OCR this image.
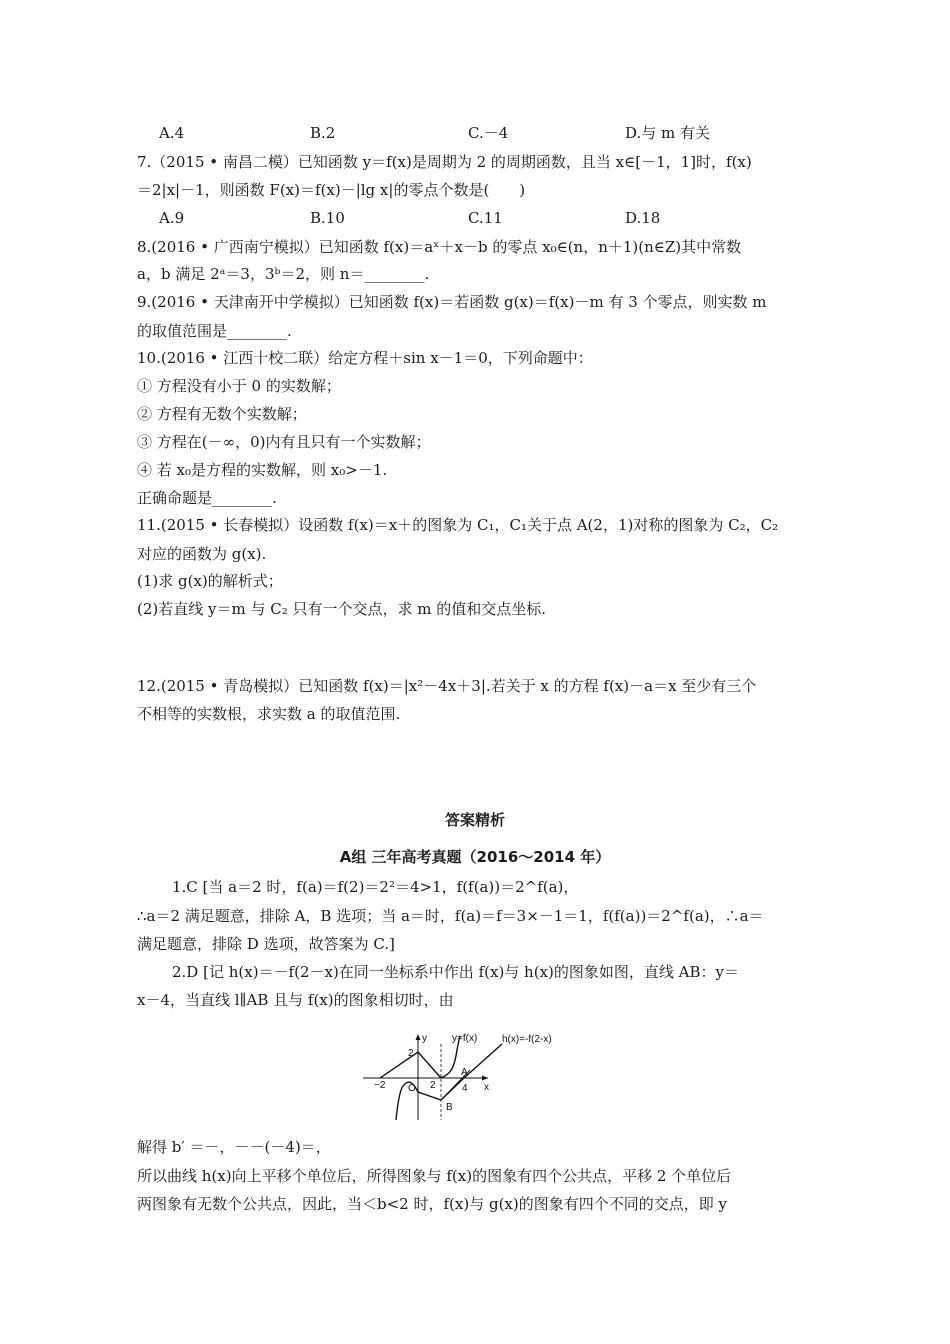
A.4	B.2	C.－4	D.与 m 有关
7.（2015 • 南昌二模）已知函数 y＝f(x)是周期为 2 的周期函数，且当 x∈[－1，1]时，f(x)
＝2|x|－1，则函数 F(x)＝f(x)－|lg x|的零点个数是(　　)
A.9	B.10	C.11	D.18
8.(2016 • 广西南宁模拟）已知函数 f(x)＝aˣ＋x－b 的零点 x₀∈(n，n＋1)(n∈Z)其中常数
a，b 满足 2ᵃ＝3，3ᵇ＝2，则 n＝________.
9.(2016 • 天津南开中学模拟）已知函数 f(x)＝若函数 g(x)＝f(x)－m 有 3 个零点，则实数 m
的取值范围是________.
10.(2016 • 江西十校二联）给定方程＋sin x－1＝0，下列命题中：
① 方程没有小于 0 的实数解；
② 方程有无数个实数解；
③ 方程在(－∞，0)内有且只有一个实数解；
④ 若 x₀是方程的实数解，则 x₀>－1.
正确命题是________.
11.(2015 • 长春模拟）设函数 f(x)＝x＋的图象为 C₁，C₁关于点 A(2，1)对称的图象为 C₂，C₂
对应的函数为 g(x).
(1)求 g(x)的解析式；
(2)若直线 y＝m 与 C₂ 只有一个交点，求 m 的值和交点坐标.
12.(2015 • 青岛模拟）已知函数 f(x)＝|x²－4x＋3|.若关于 x 的方程 f(x)－a＝x 至少有三个
不相等的实数根，求实数 a 的取值范围.
答案精析
A组 三年高考真题（2016～2014 年）
1.C [当 a＝2 时，f(a)＝f(2)＝2²＝4>1，f(f(a))＝2^f(a)，
∴a＝2 满足题意，排除 A，B 选项；当 a＝时，f(a)＝f＝3×－1＝1，f(f(a))＝2^f(a)，∴a＝
满足题意，排除 D 选项，故答案为 C.]
2.D [记 h(x)＝－f(2－x)在同一坐标系中作出 f(x)与 h(x)的图象如图，直线 AB：y＝
x－4，当直线 l∥AB 且与 f(x)的图象相切时，由
y
x
y=f(x) h(x)=-f(2-x)
2
−2 O 2	4
A
B
解得 b′ ＝－，－－(－4)＝，
所以曲线 h(x)向上平移个单位后，所得图象与 f(x)的图象有四个公共点，平移 2 个单位后
两图象有无数个公共点，因此，当＜b<2 时，f(x)与 g(x)的图象有四个不同的交点，即 y
